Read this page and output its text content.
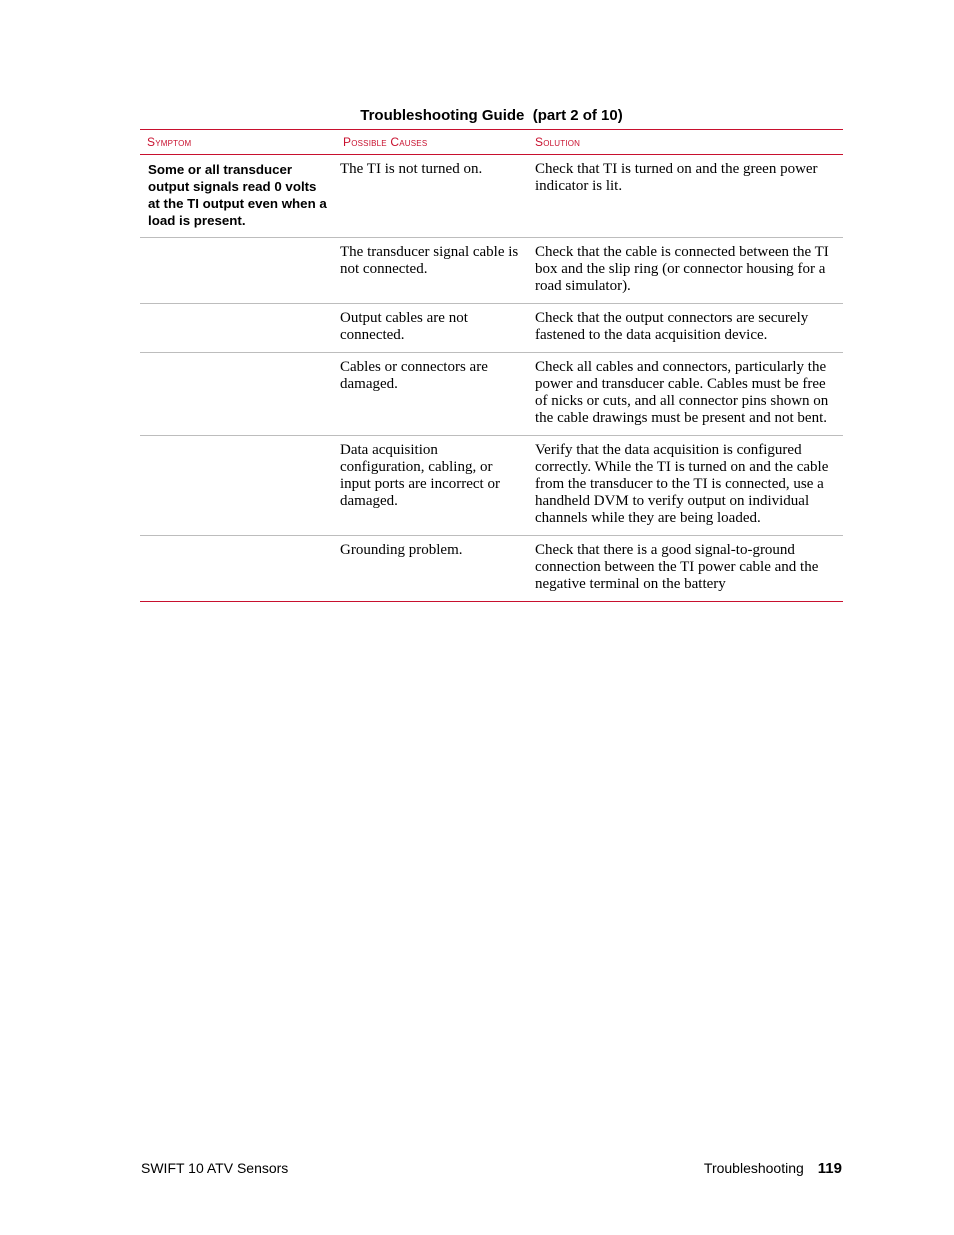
Troubleshooting Guide  (part 2 of 10)
Symptom	Possible Causes	Solution
Some or all transducer output signals read 0 volts at the TI output even when a load is present.	The TI is not turned on.	Check that TI is turned on and the green power indicator is lit.
	The transducer signal cable is not connected.	Check that the cable is connected between the TI box and the slip ring (or connector housing for a road simulator).
	Output cables are not connected.	Check that the output connectors are securely fastened to the data acquisition device.
	Cables or connectors are damaged.	Check all cables and connectors, particularly the power and transducer cable. Cables must be free of nicks or cuts, and all connector pins shown on the cable drawings must be present and not bent.
	Data acquisition configuration, cabling, or input ports are incorrect or damaged.	Verify that the data acquisition is configured correctly. While the TI is turned on and the cable from the transducer to the TI is connected, use a handheld DVM to verify output on individual channels while they are being loaded.
	Grounding problem.	Check that there is a good signal-to-ground connection between the TI power cable and the negative terminal on the battery
SWIFT 10 ATV Sensors	Troubleshooting 119
